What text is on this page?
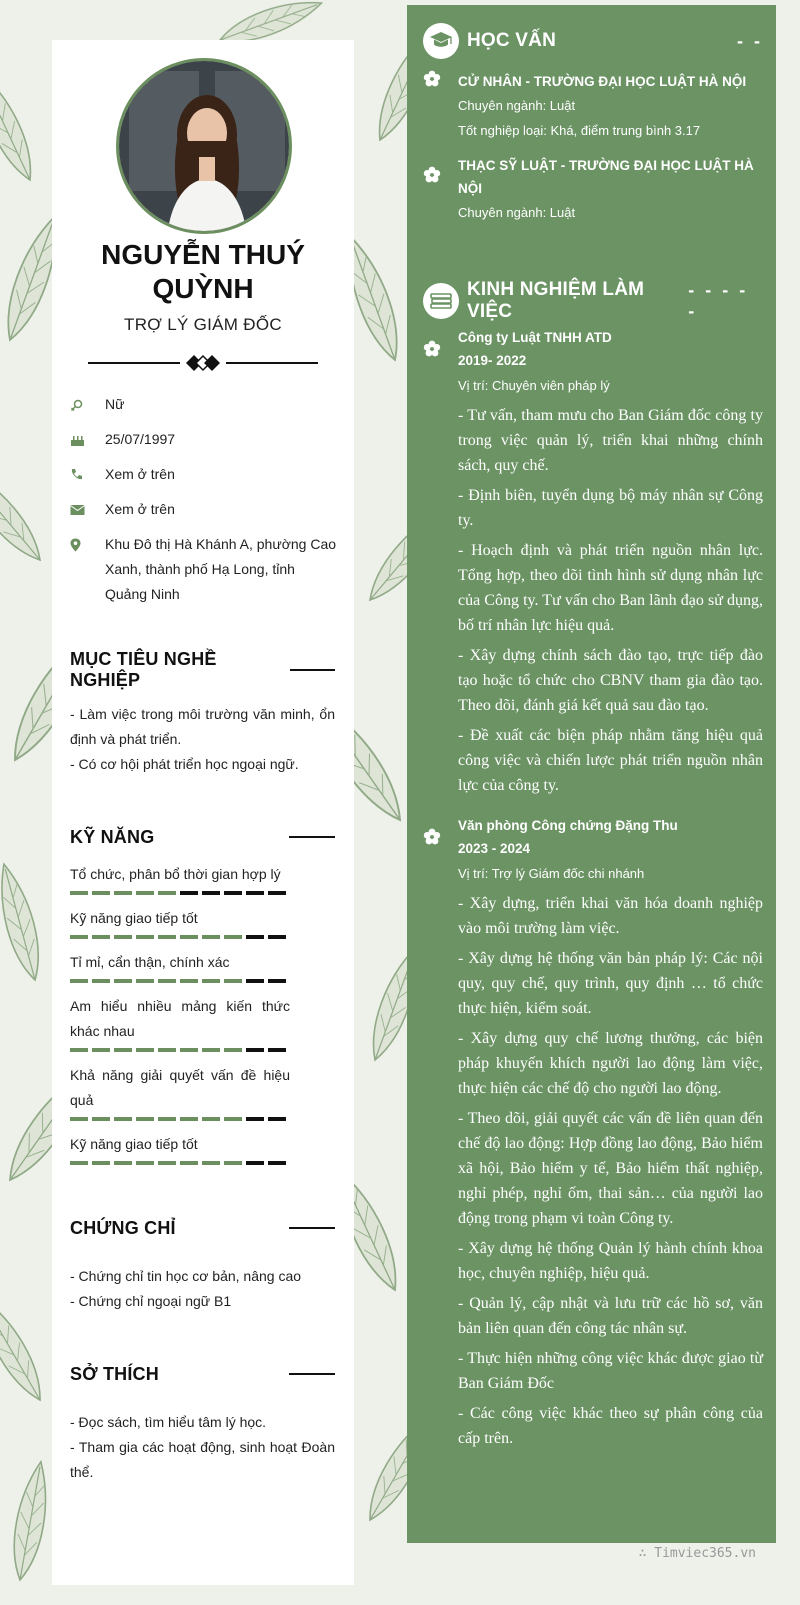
NGUYỄN THUÝ QUỲNH
TRỢ LÝ GIÁM ĐỐC
Nữ
25/07/1997
Xem ở trên
Xem ở trên
Khu Đô thị Hà Khánh A, phường Cao Xanh, thành phố Hạ Long, tỉnh Quảng Ninh
MỤC TIÊU NGHỀ NGHIỆP
- Làm việc trong môi trường văn minh, ổn định và phát triển.
- Có cơ hội phát triển học ngoại ngữ.
KỸ NĂNG
Tổ chức, phân bổ thời gian hợp lý
Kỹ năng giao tiếp tốt
Tỉ mỉ, cẩn thận, chính xác
Am hiểu nhiều mảng kiến thức khác nhau
Khả năng giải quyết vấn đề hiệu quả
Kỹ năng giao tiếp tốt
CHỨNG CHỈ
- Chứng chỉ tin học cơ bản, nâng cao
- Chứng chỉ ngoại ngữ B1
SỞ THÍCH
- Đọc sách, tìm hiểu tâm lý học.
- Tham gia các hoạt động, sinh hoạt Đoàn thể.
HỌC VẤN	- -
CỬ NHÂN - TRƯỜNG ĐẠI HỌC LUẬT HÀ NỘI
Chuyên ngành: Luật
Tốt nghiệp loại: Khá, điểm trung bình 3.17
THẠC SỸ LUẬT - TRƯỜNG ĐẠI HỌC LUẬT HÀ NỘI
Chuyên ngành: Luật
KINH NGHIỆM LÀM VIỆC
- - - - -
Công ty Luật TNHH ATD
2019- 2022
Vị trí: Chuyên viên pháp lý
- Tư vấn, tham mưu cho Ban Giám đốc công ty trong việc quản lý, triển khai những chính sách, quy chế.
- Định biên, tuyển dụng bộ máy nhân sự Công ty.
- Hoạch định và phát triển nguồn nhân lực. Tổng hợp, theo dõi tình hình sử dụng nhân lực của Công ty. Tư vấn cho Ban lãnh đạo sử dụng, bố trí nhân lực hiệu quả.
- Xây dựng chính sách đào tạo, trực tiếp đào tạo hoặc tổ chức cho CBNV tham gia đào tạo. Theo dõi, đánh giá kết quả sau đào tạo.
- Đề xuất các biện pháp nhằm tăng hiệu quả công việc và chiến lược phát triển nguồn nhân lực của công ty.
Văn phòng Công chứng Đặng Thu
2023 - 2024
Vị trí: Trợ lý Giám đốc chi nhánh
- Xây dựng, triển khai văn hóa doanh nghiệp vào môi trường làm việc.
- Xây dựng hệ thống văn bản pháp lý: Các nội quy, quy chế, quy trình, quy định … tổ chức thực hiện, kiểm soát.
- Xây dựng quy chế lương thưởng, các biện pháp khuyến khích người lao động làm việc, thực hiện các chế độ cho người lao động.
- Theo dõi, giải quyết các vấn đề liên quan đến chế độ lao động: Hợp đồng lao động, Bảo hiểm xã hội, Bảo hiểm y tế, Bảo hiểm thất nghiệp, nghỉ phép, nghỉ ốm, thai sản… của người lao động trong phạm vi toàn Công ty.
- Xây dựng hệ thống Quản lý hành chính khoa học, chuyên nghiệp, hiệu quả.
- Quản lý, cập nhật và lưu trữ các hồ sơ, văn bản liên quan đến công tác nhân sự.
- Thực hiện những công việc khác được giao từ Ban Giám Đốc
- Các công việc khác theo sự phân công của cấp trên.
∴ Timviec365.vn
